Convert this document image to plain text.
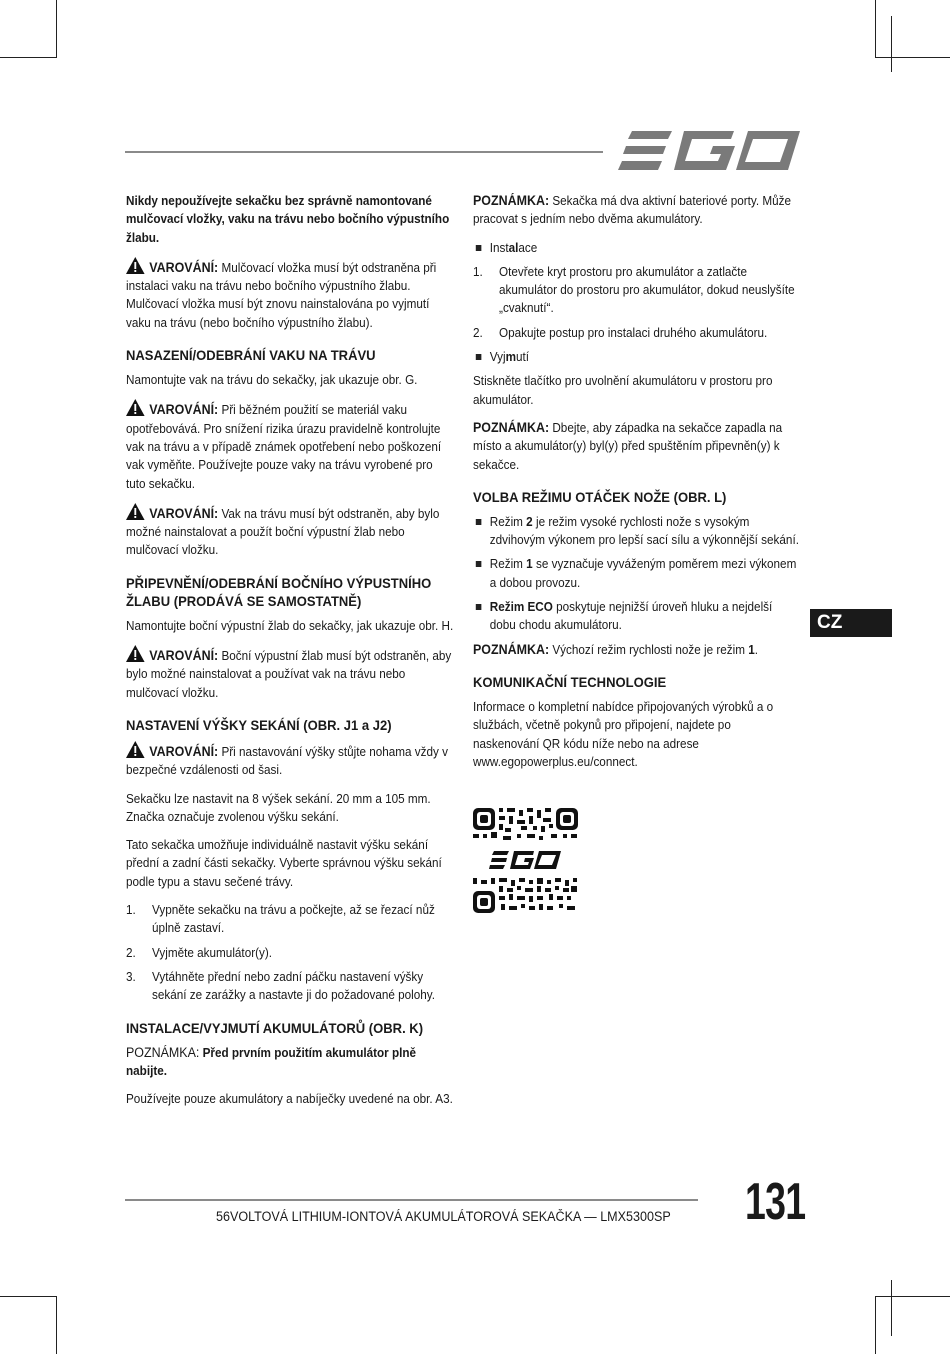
Nikdy nepoužívejte sekačku bez správně namontované mulčovací vložky, vaku na trávu nebo bočního výpustního žlabu.

VAROVÁNÍ: Mulčovací vložka musí být odstraněna při instalaci vaku na trávu nebo bočního výpustního žlabu. Mulčovací vložka musí být znovu nainstalována po vyjmutí vaku na trávu (nebo bočního výpustního žlabu).

NASAZENÍ/ODEBRÁNÍ VAKU NA TRÁVU

Namontujte vak na trávu do sekačky, jak ukazuje obr. G.

VAROVÁNÍ: Při běžném použití se materiál vaku opotřebovává. Pro snížení rizika úrazu pravidelně kontrolujte vak na trávu a v případě známek opotřebení nebo poškození vak vyměňte. Používejte pouze vaky na trávu vyrobené pro tuto sekačku.

VAROVÁNÍ: Vak na trávu musí být odstraněn, aby bylo možné nainstalovat a použít boční výpustní žlab nebo mulčovací vložku.

PŘIPEVNĚNÍ/ODEBRÁNÍ BOČNÍHO VÝPUSTNÍHO ŽLABU (PRODÁVÁ SE SAMOSTATNĚ)

Namontujte boční výpustní žlab do sekačky, jak ukazuje obr. H.

VAROVÁNÍ: Boční výpustní žlab musí být odstraněn, aby bylo možné nainstalovat a používat vak na trávu nebo mulčovací vložku.

NASTAVENÍ VÝŠKY SEKÁNÍ (OBR. J1 a J2)

VAROVÁNÍ: Při nastavování výšky stůjte nohama vždy v bezpečné vzdálenosti od šasi.

Sekačku lze nastavit na 8 výšek sekání. 20 mm a 105 mm. Značka označuje zvolenou výšku sekání.

Tato sekačka umožňuje individuálně nastavit výšku sekání přední a zadní části sekačky. Vyberte správnou výšku sekání podle typu a stavu sečené trávy.

1. Vypněte sekačku na trávu a počkejte, až se řezací nůž úplně zastaví.
2. Vyjměte akumulátor(y).
3. Vytáhněte přední nebo zadní páčku nastavení výšky sekání ze zarážky a nastavte ji do požadované polohy.
INSTALACE/VYJMUTÍ AKUMULÁTORŮ (OBR. K)

POZNÁMKA: Před prvním použitím akumulátor plně nabijte.

Používejte pouze akumulátory a nabíječky uvedené na obr. A3.

POZNÁMKA: Sekačka má dva aktivní bateriové porty. Může pracovat s jedním nebo dvěma akumulátory.

Instalace
1. Otevřete kryt prostoru pro akumulátor a zatlačte akumulátor do prostoru pro akumulátor, dokud neuslyšíte „cvaknutí“.
2. Opakujte postup pro instalaci druhého akumulátoru.
Vyjmutí

Stiskněte tlačítko pro uvolnění akumulátoru v prostoru pro akumulátor.

POZNÁMKA: Dbejte, aby západka na sekačce zapadla na místo a akumulátor(y) byl(y) před spuštěním připevněn(y) k sekačce.

VOLBA REŽIMU OTÁČEK NOŽE (OBR. L)
Režim 2 je režim vysoké rychlosti nože s vysokým zdvihovým výkonem pro lepší sací sílu a výkonnější sekání.
Režim 1 se vyznačuje vyváženým poměrem mezi výkonem a dobou provozu.
Režim ECO poskytuje nejnižší úroveň hluku a nejdelší dobu chodu akumulátoru.

POZNÁMKA: Výchozí režim rychlosti nože je režim 1.

KOMUNIKAČNÍ TECHNOLOGIE

Informace o kompletní nabídce připojovaných výrobků a o službách, včetně pokynů pro připojení, najdete po naskenování QR kódu níže nebo na adrese www.egopowerplus.eu/connect.

CZ
56VOLTOVÁ LITHIUM-IONTOVÁ AKUMULÁTOROVÁ SEKAČKA — LMX5300SP 131
